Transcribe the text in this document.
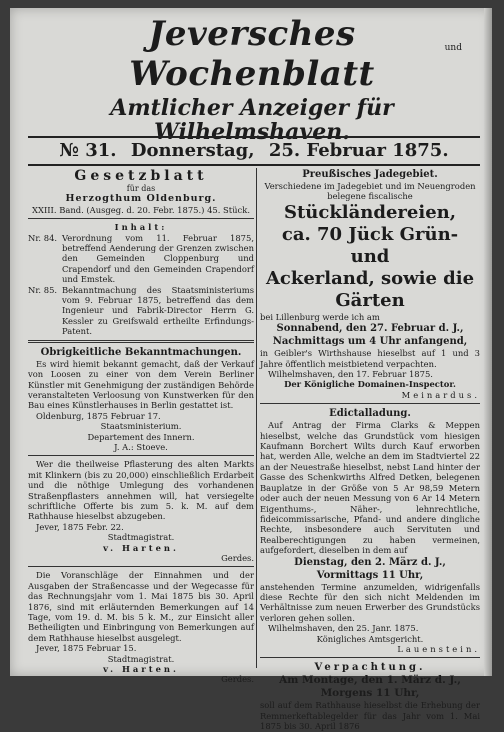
Jeversches Wochenblatt
Amtlicher Anzeiger für Wilhelmshaven.
und
№ 31. Donnerstag, 25. Februar 1875.
Gesetzblatt
für das
Herzogthum Oldenburg.
XXIII. Band. (Ausgeg. d. 20. Febr. 1875.) 45. Stück.
Inhalt:
Nr. 84. Verordnung vom 11. Februar 1875, betreffend Aenderung der Grenzen zwischen den Gemeinden Cloppenburg und Crapendorf und den Gemeinden Crapendorf und Emstek.
Nr. 85. Bekanntmachung des Staatsministeriums vom 9. Februar 1875, betreffend das dem Ingenieur und Fabrik-Director Herrn G. Kessler zu Greifswald ertheilte Erfindungs-Patent.
Obrigkeitliche Bekanntmachungen.
Es wird hiemit bekannt gemacht, daß der Verkauf von Loosen zu einer von dem Verein Berliner Künstler mit Genehmigung der zuständigen Behörde veranstalteten Verloosung von Kunstwerken für den Bau eines Künstlerhauses in Berlin gestattet ist.
Oldenburg, 1875 Februar 17.
Staatsministerium.
Departement des Innern.
J. A.: Stoeve.
Wer die theilweise Pflasterung des alten Markts mit Klinkern (bis zu 20,000) einschließlich Erdarbeit und die nöthige Umlegung des vorhandenen Straßenpflasters annehmen will, hat versiegelte schriftliche Offerte bis zum 5. k. M. auf dem Rathhause hieselbst abzugeben.
Jever, 1875 Febr. 22.
Stadtmagistrat.
v. Harten.
Gerdes.
Die Voranschläge der Einnahmen und der Ausgaben der Straßencasse und der Wegecasse für das Rechnungsjahr vom 1. Mai 1875 bis 30. April 1876, sind mit erläuternden Bemerkungen auf 14 Tage, vom 19. d. M. bis 5 k. M., zur Einsicht aller Betheiligten und Einbringung von Bemerkungen auf dem Rathhause hieselbst ausgelegt.
Jever, 1875 Februar 15.
Stadtmagistrat.
v. Harten.
Gerdes.
Preußisches Jadegebiet.
Verschiedene im Jadegebiet und im Neuengroden belegene fiscalische
Stückländereien,
ca. 70 Jück Grün- und
Ackerland, sowie die
Gärten
bei Lillenburg werde ich am
Sonnabend, den 27. Februar d. J.,
Nachmittags um 4 Uhr anfangend,
in Geibler's Wirthshause hieselbst auf 1 und 3 Jahre öffentlich meistbietend verpachten.
Wilhelmshaven, den 17. Februar 1875.
Der Königliche Domainen-Inspector.
Meinardus.
Edictalladung.
Auf Antrag der Firma Clarks & Meppen hieselbst, welche das Grundstück vom hiesigen Kaufmann Borchert Wilts durch Kauf erworben hat, werden Alle, welche an dem im Stadtviertel 22 an der Neuestraße hieselbst, nebst Land hinter der Gasse des Schenkwirths Alfred Detken, belegenen Bauplatze in der Größe von 5 Ar 98,59 Metern oder auch der neuen Messung von 6 Ar 14 Metern Eigenthums-, Näher-, lehnrechtliche, fideicommissarische, Pfand- und andere dingliche Rechte, insbesondere auch Servituten und Realberechtigungen zu haben vermeinen, aufgefordert, dieselben in dem auf
Dienstag, den 2. März d. J.,
Vormittags 11 Uhr,
anstehenden Termine anzumelden, widrigenfalls diese Rechte für den sich nicht Meldenden im Verhältnisse zum neuen Erwerber des Grundstücks verloren gehen sollen.
Wilhelmshaven, den 25. Janr. 1875.
Königliches Amtsgericht.
Lauenstein.
Verpachtung.
Am Montage, den 1. März d. J.,
Morgens 11 Uhr,
soll auf dem Rathhause hieselbst die Erhebung der Remmerkeftablegelder für das Jahr vom 1. Mai 1875 bis 30. April 1876
